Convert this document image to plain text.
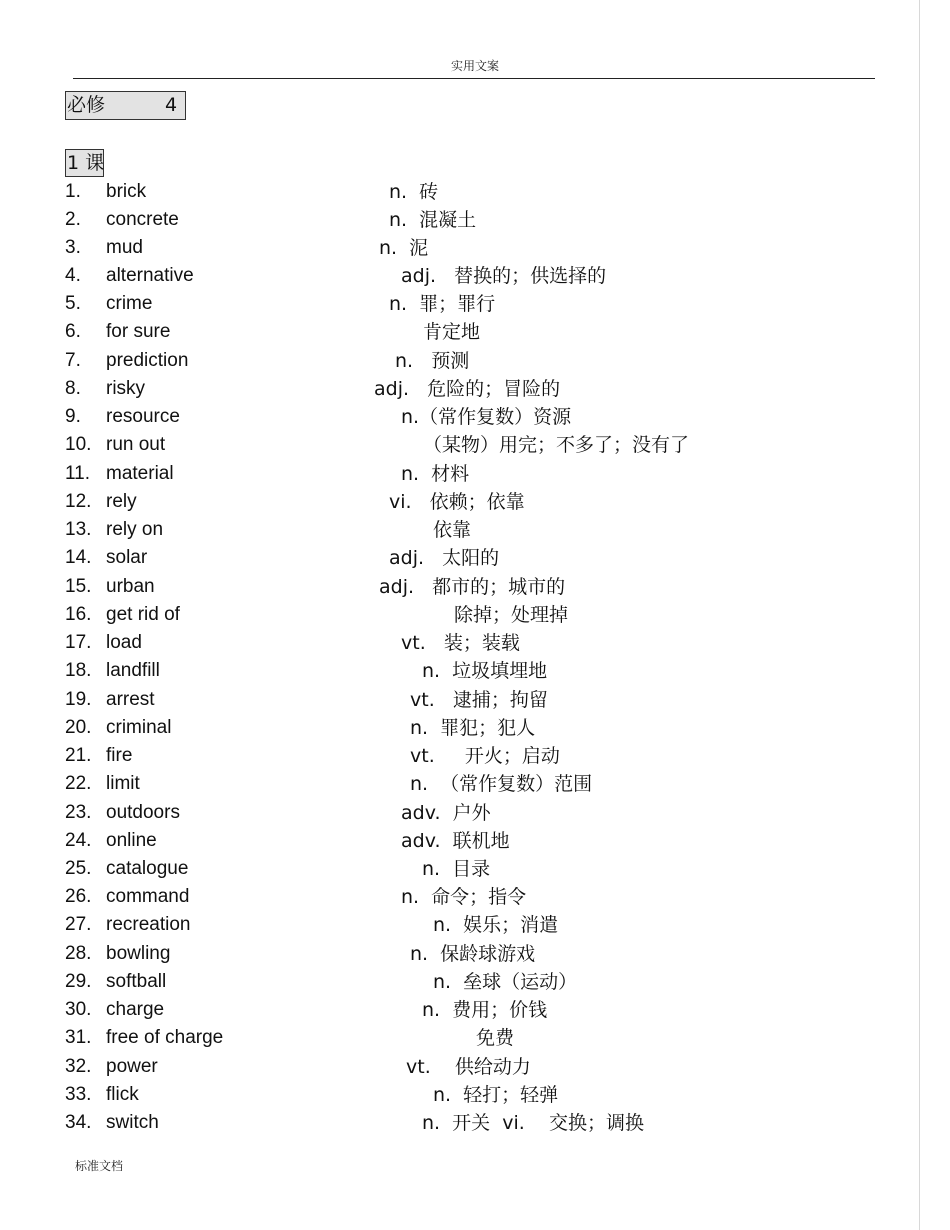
实用文案
必修	4
1 课
1. brick	n.  砖
2. concrete	n.  混凝土
3. mud	n.  泥
4. alternative	adj.   替换的；供选择的
5. crime	n.  罪；罪行
6. for sure	肯定地
7. prediction	n.   预测
8. risky	adj.   危险的；冒险的
9. resource	n.（常作复数）资源
10. run out	（某物）用完；不多了；没有了
11. material	n.  材料
12. rely	vi.   依赖；依靠
13. rely on	依靠
14. solar	adj.   太阳的
15. urban	adj.   都市的；城市的
16. get rid of	除掉；处理掉
17. load	vt.   装；装载
18. landfill	n.  垃圾填埋地
19. arrest	vt.   逮捕；拘留
20. criminal	n.  罪犯；犯人
21. fire	vt.     开火；启动
22. limit	n.  （常作复数）范围
23. outdoors	adv.  户外
24. online	adv.  联机地
25. catalogue	n.  目录
26. command	n.  命令；指令
27. recreation	n.  娱乐；消遣
28. bowling	n.  保龄球游戏
29. softball	n.  垒球（运动）
30. charge	n.  费用；价钱
31. free of charge	免费
32. power	vt.    供给动力
33. flick	n.  轻打；轻弹
34. switch	n.  开关  vi.    交换；调换
标准文档
